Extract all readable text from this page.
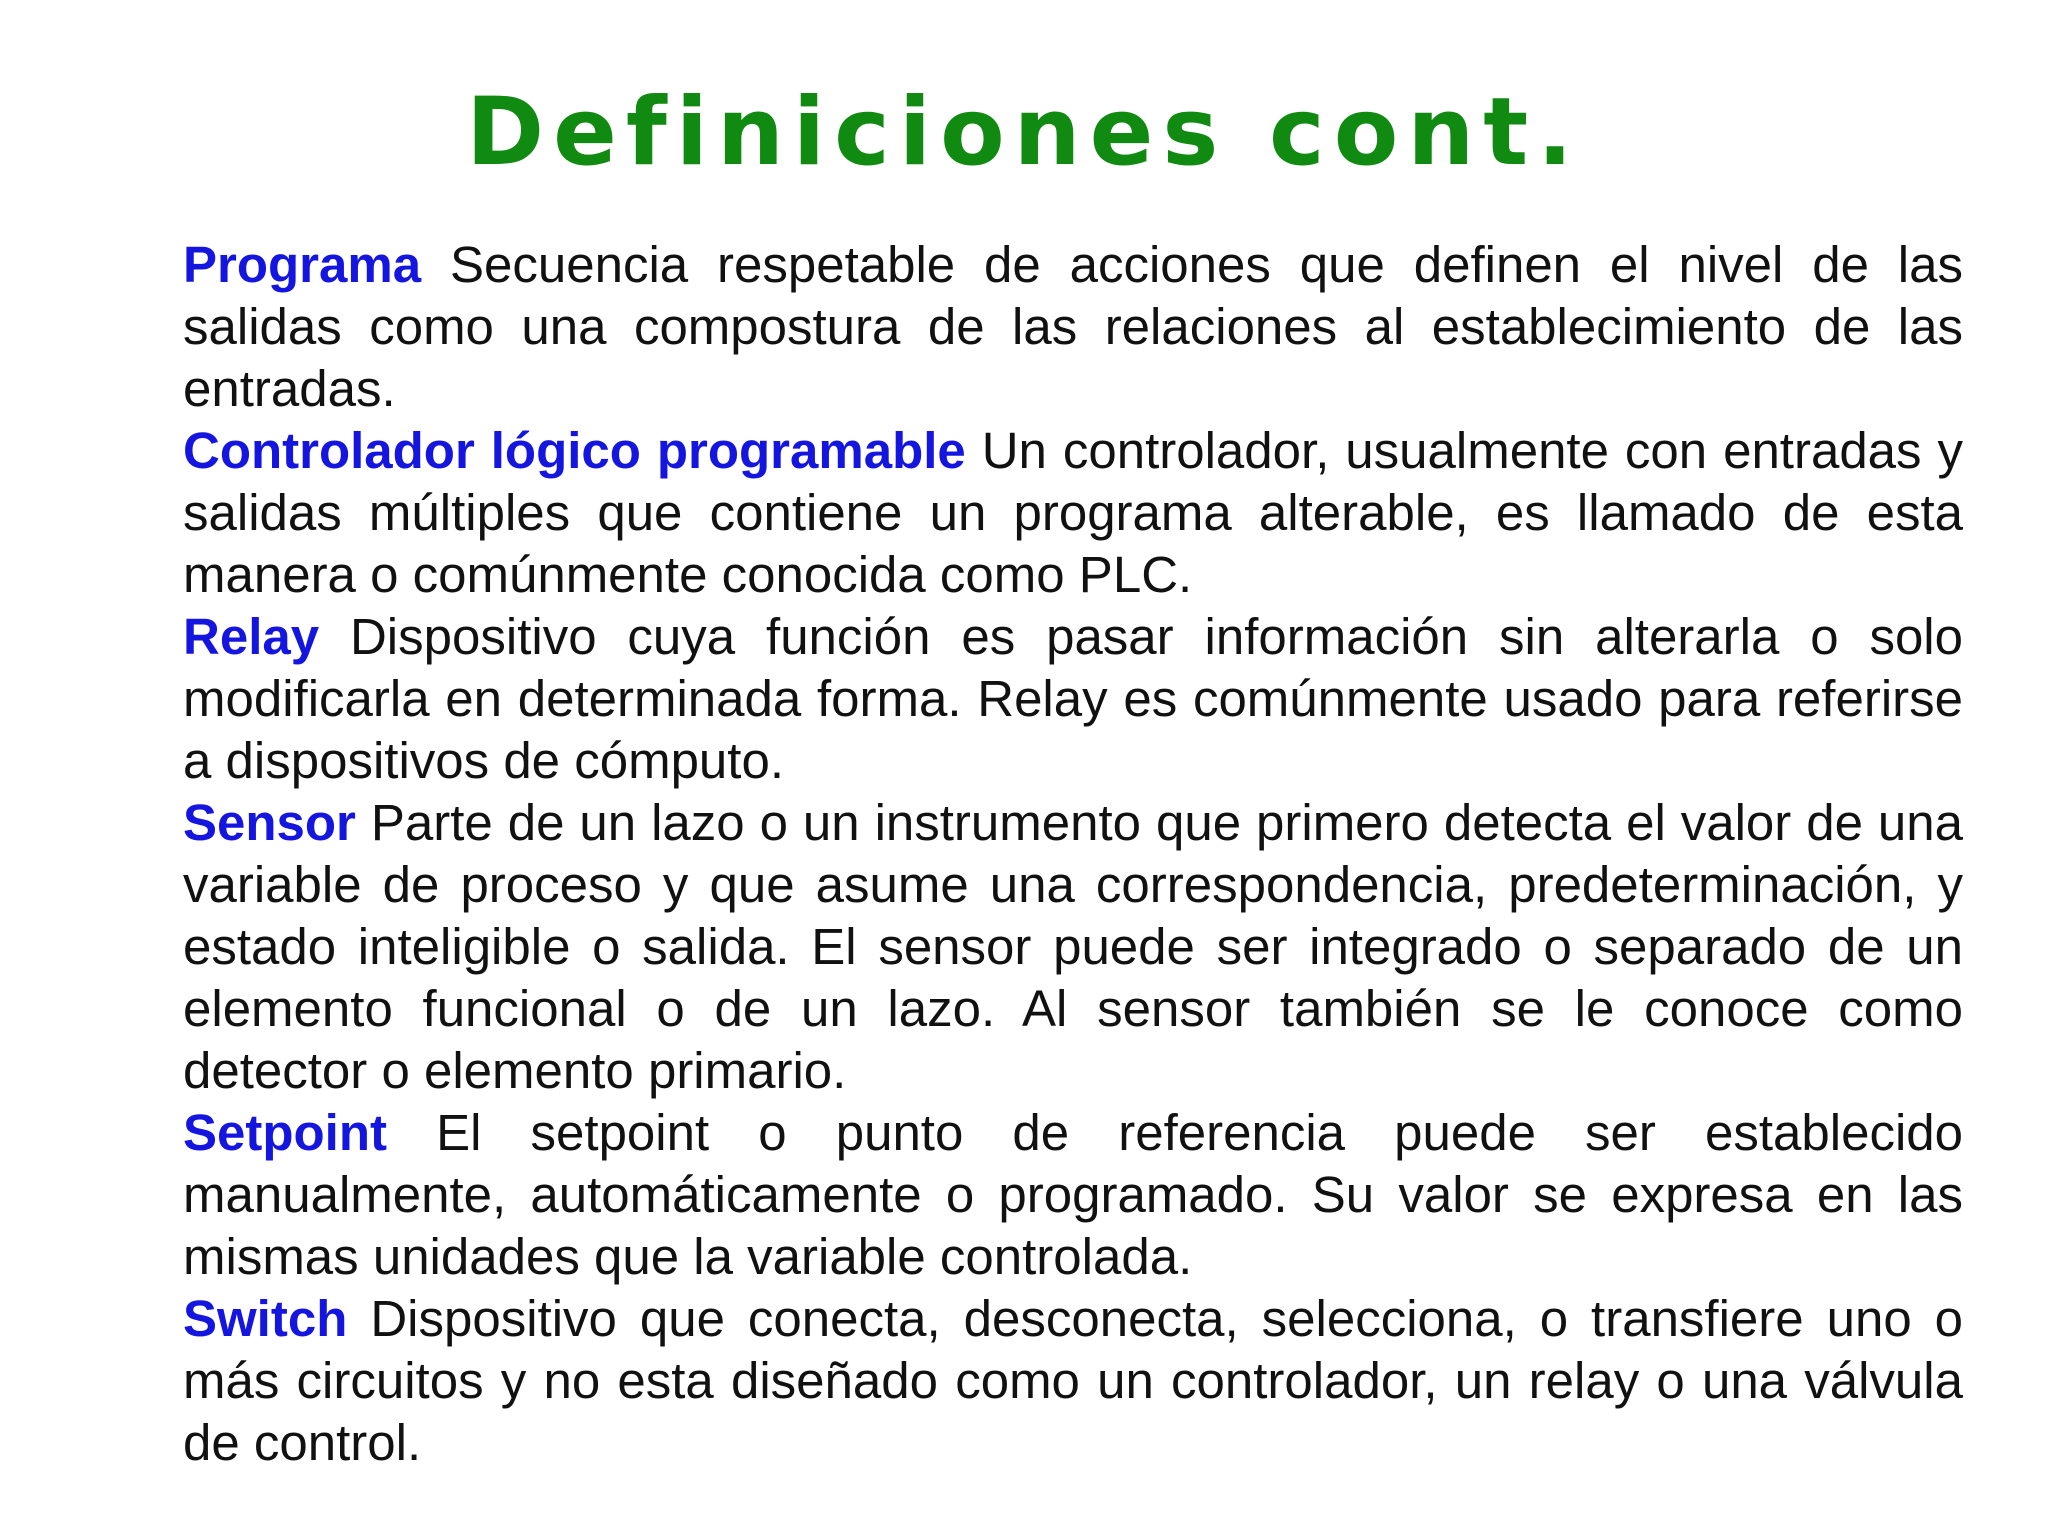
Definiciones cont.

Programa Secuencia respetable de acciones que definen el nivel de las salidas como una compostura de las relaciones al establecimiento de las entradas.

Controlador lógico programable Un controlador, usualmente con entradas y salidas múltiples que contiene un programa alterable, es llamado de esta manera o comúnmente conocida como PLC.

Relay Dispositivo cuya función es pasar información sin alterarla o solo modificarla en determinada forma. Relay es comúnmente usado para referirse a dispositivos de cómputo.

Sensor Parte de un lazo o un instrumento que primero detecta el valor de una variable de proceso y que asume una correspondencia, predeterminación, y estado inteligible o salida. El sensor puede ser integrado o separado de un elemento funcional o de un lazo. Al sensor también se le conoce como detector o elemento primario.

Setpoint El setpoint o punto de referencia puede ser establecido manualmente, automáticamente o programado. Su valor se expresa en las mismas unidades que la variable controlada.

Switch Dispositivo que conecta, desconecta, selecciona, o transfiere uno o más circuitos y no esta diseñado como un controlador, un relay o una válvula de control.
